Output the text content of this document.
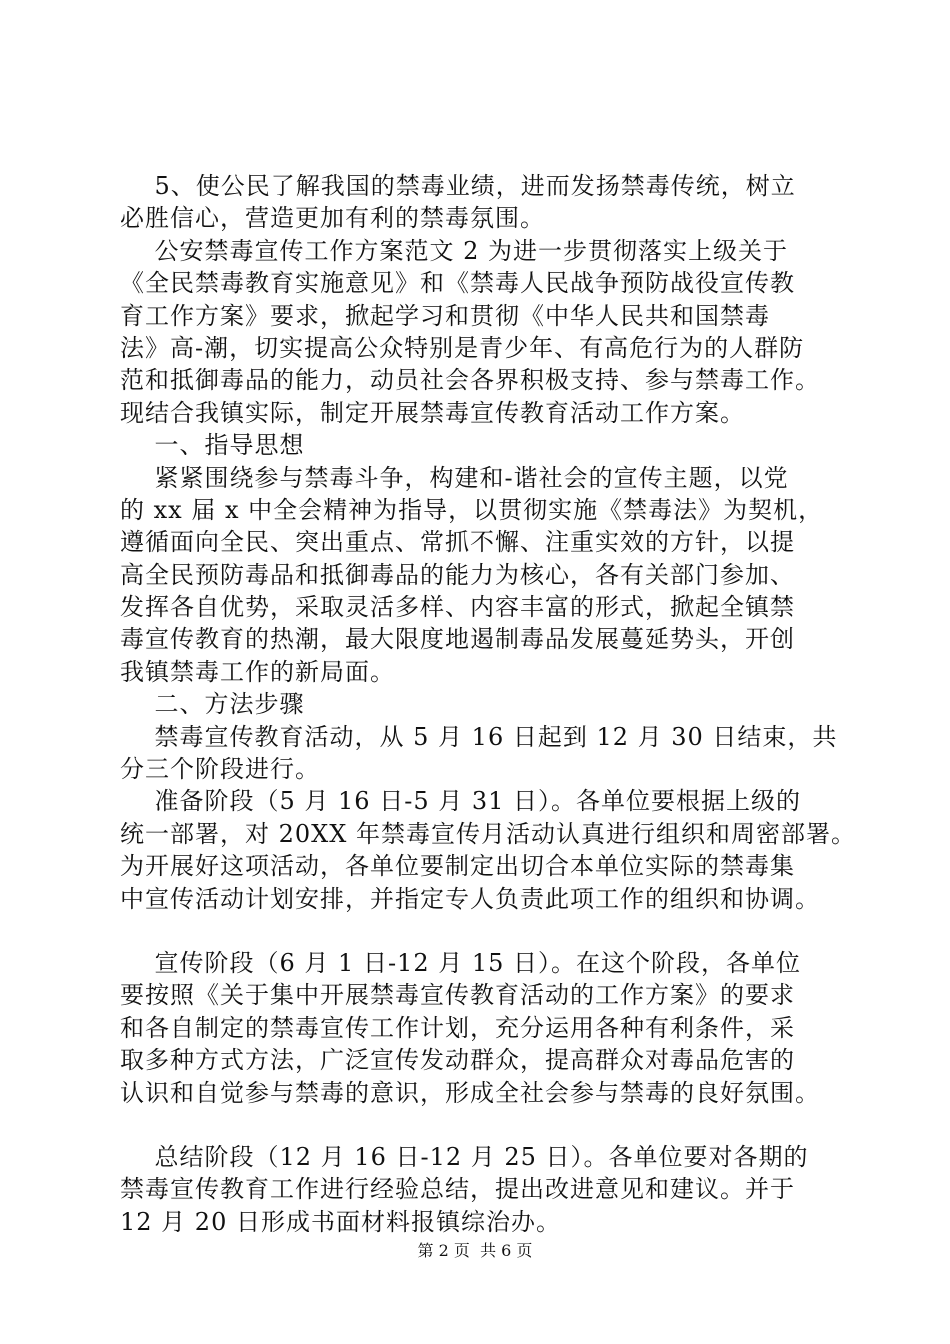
5、使公民了解我国的禁毒业绩，进而发扬禁毒传统，树立
必胜信心，营造更加有利的禁毒氛围。
公安禁毒宣传工作方案范文 2 为进一步贯彻落实上级关于
《全民禁毒教育实施意见》和《禁毒人民战争预防战役宣传教
育工作方案》要求，掀起学习和贯彻《中华人民共和国禁毒
法》高-潮，切实提高公众特别是青少年、有高危行为的人群防
范和抵御毒品的能力，动员社会各界积极支持、参与禁毒工作。
现结合我镇实际，制定开展禁毒宣传教育活动工作方案。
一、指导思想
紧紧围绕参与禁毒斗争，构建和-谐社会的宣传主题，以党
的 xx 届 x 中全会精神为指导，以贯彻实施《禁毒法》为契机，
遵循面向全民、突出重点、常抓不懈、注重实效的方针，以提
高全民预防毒品和抵御毒品的能力为核心，各有关部门参加、
发挥各自优势，采取灵活多样、内容丰富的形式，掀起全镇禁
毒宣传教育的热潮，最大限度地遏制毒品发展蔓延势头，开创
我镇禁毒工作的新局面。
二、方法步骤
禁毒宣传教育活动，从 5 月 16 日起到 12 月 30 日结束，共
分三个阶段进行。
准备阶段（5 月 16 日-5 月 31 日）。各单位要根据上级的
统一部署，对 20XX 年禁毒宣传月活动认真进行组织和周密部署。
为开展好这项活动，各单位要制定出切合本单位实际的禁毒集
中宣传活动计划安排，并指定专人负责此项工作的组织和协调。
宣传阶段（6 月 1 日-12 月 15 日）。在这个阶段，各单位
要按照《关于集中开展禁毒宣传教育活动的工作方案》的要求
和各自制定的禁毒宣传工作计划，充分运用各种有利条件，采
取多种方式方法，广泛宣传发动群众，提高群众对毒品危害的
认识和自觉参与禁毒的意识，形成全社会参与禁毒的良好氛围。
总结阶段（12 月 16 日-12 月 25 日）。各单位要对各期的
禁毒宣传教育工作进行经验总结，提出改进意见和建议。并于
12 月 20 日形成书面材料报镇综治办。
第 2 页  共 6 页
